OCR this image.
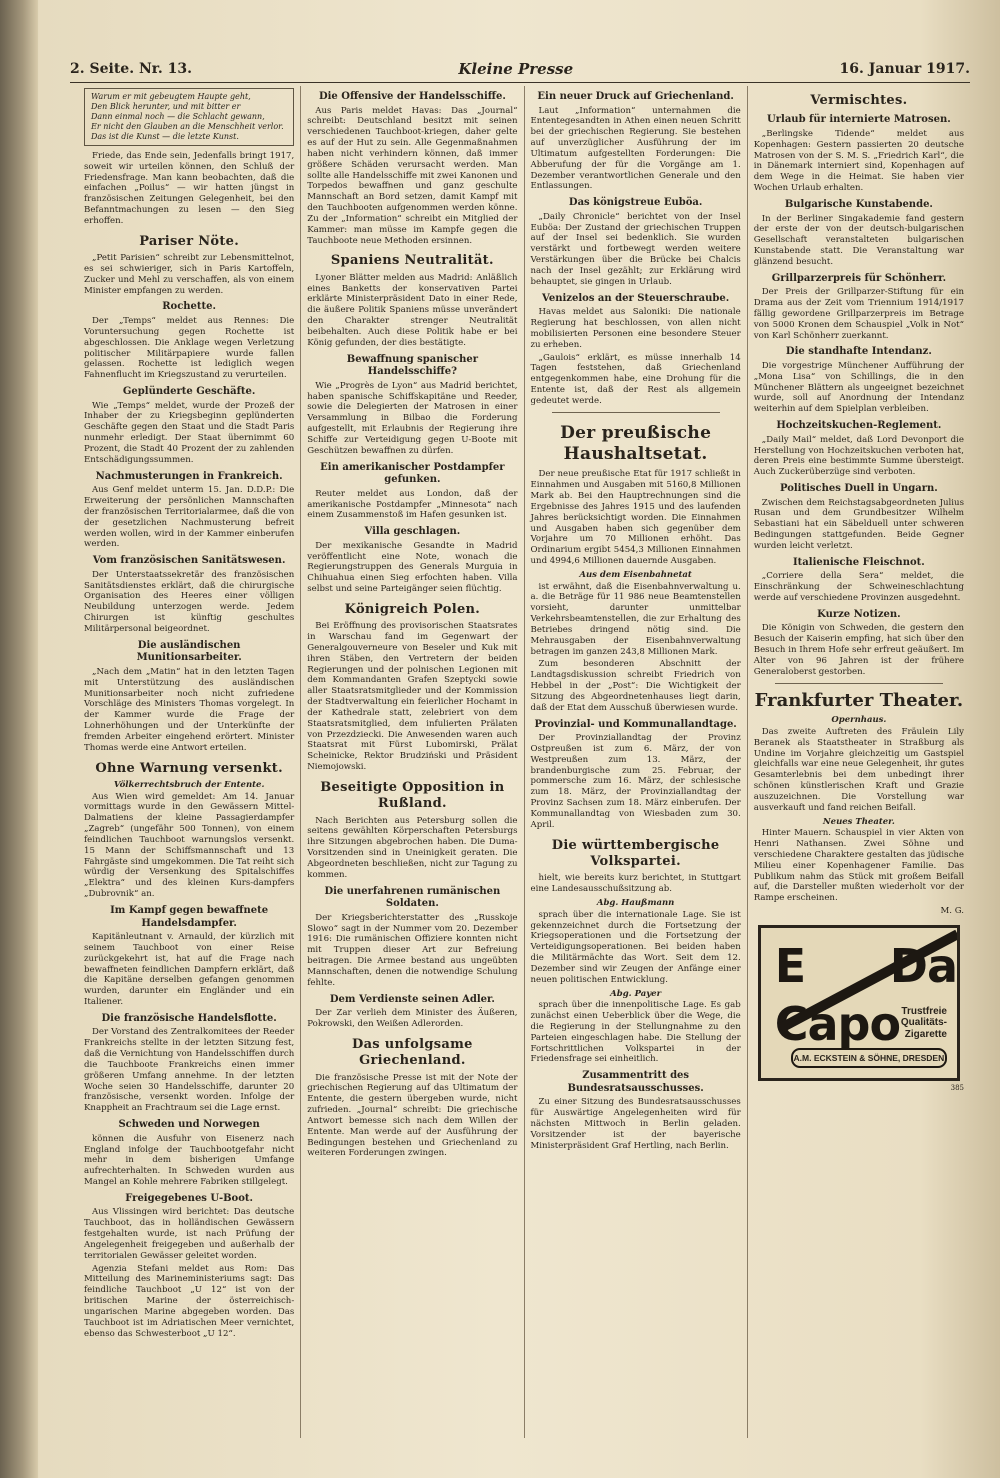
2. Seite. Nr. 13.	Kleine Presse	16. Januar 1917.
Warum er mit gebeugtem Haupte geht,
Den Blick herunter, und mit bitter er
Dann einmal noch — die Schlacht gewann,
Er nicht den Glauben an die Menschheit verlor.
Das ist die Kunst — die letzte Kunst.

Friede, das Ende sein, Jedenfalls bringt 1917, soweit wir urteilen können, den Schluß der Friedensfrage. Man kann beobachten, daß die einfachen „Poilus“ — wir hatten jüngst in französischen Zeitungen Gelegenheit, bei den Befanntmachungen zu lesen — den Sieg erhoffen.

Pariser Nöte.

„Petit Parisien“ schreibt zur Lebensmittelnot, es sei schwieriger, sich in Paris Kartoffeln, Zucker und Mehl zu verschaffen, als von einem Minister empfangen zu werden.

Rochette.

Der „Temps“ meldet aus Rennes: Die Voruntersuchung gegen Rochette ist abgeschlossen. Die Anklage wegen Verletzung politischer Militärpapiere wurde fallen gelassen. Rochette ist lediglich wegen Fahnenflucht im Kriegszustand zu verurteilen.

Geplünderte Geschäfte.

Wie „Temps“ meldet, wurde der Prozeß der Inhaber der zu Kriegsbeginn geplünderten Geschäfte gegen den Staat und die Stadt Paris nunmehr erledigt. Der Staat übernimmt 60 Prozent, die Stadt 40 Prozent der zu zahlenden Entschädigungssummen.

Nachmusterungen in Frankreich.

Aus Genf meldet unterm 15. Jan. D.D.P.: Die Erweiterung der persönlichen Mannschaften der französischen Territorialarmee, daß die von der gesetzlichen Nachmusterung befreit werden wollen, wird in der Kammer einberufen werden.

Vom französischen Sanitätswesen.

Der Unterstaatssekretär des französischen Sanitätsdienstes erklärt, daß die chirurgische Organisation des Heeres einer völligen Neubildung unterzogen werde. Jedem Chirurgen ist künftig geschultes Militärpersonal beigeordnet.

Die ausländischen Munitionsarbeiter.

„Nach dem „Matin“ hat in den letzten Tagen mit Unterstützung des ausländischen Munitionsarbeiter noch nicht zufriedene Vorschläge des Ministers Thomas vorgelegt. In der Kammer wurde die Frage der Lohnerhöhungen und der Unterkünfte der fremden Arbeiter eingehend erörtert. Minister Thomas werde eine Antwort erteilen.

Ohne Warnung versenkt.
Völkerrechtsbruch der Entente.

Aus Wien wird gemeldet: Am 14. Januar vormittags wurde in den Gewässern Mittel-Dalmatiens der kleine Passagierdampfer „Zagreb“ (ungefähr 500 Tonnen), von einem feindlichen Tauchboot warnungslos versenkt. 15 Mann der Schiffsmannschaft und 13 Fahrgäste sind umgekommen. Die Tat reiht sich würdig der Versenkung des Spitalschiffes „Elektra“ und des kleinen Kurs-dampfers „Dubrovnik“ an.

Im Kampf gegen bewaffnete Handelsdampfer.

Kapitänleutnant v. Arnauld, der kürzlich mit seinem Tauchboot von einer Reise zurückgekehrt ist, hat auf die Frage nach bewaffneten feindlichen Dampfern erklärt, daß die Kapitäne derselben gefangen genommen wurden, darunter ein Engländer und ein Italiener.

Die französische Handelsflotte.

Der Vorstand des Zentralkomitees der Reeder Frankreichs stellte in der letzten Sitzung fest, daß die Vernichtung von Handelsschiffen durch die Tauchboote Frankreichs einen immer größeren Umfang annehme. In der letzten Woche seien 30 Handelsschiffe, darunter 20 französische, versenkt worden. Infolge der Knappheit an Frachtraum sei die Lage ernst.

Schweden und Norwegen

können die Ausfuhr von Eisenerz nach England infolge der Tauchbootgefahr nicht mehr in dem bisherigen Umfange aufrechterhalten. In Schweden wurden aus Mangel an Kohle mehrere Fabriken stillgelegt.

Freigegebenes U-Boot.

Aus Vlissingen wird berichtet: Das deutsche Tauchboot, das in holländischen Gewässern festgehalten wurde, ist nach Prüfung der Angelegenheit freigegeben und außerhalb der territorialen Gewässer geleitet worden.

Agenzia Stefani meldet aus Rom: Das Mitteilung des Marineministeriums sagt: Das feindliche Tauchboot „U 12“ ist von der britischen Marine der österreichisch-ungarischen Marine abgegeben worden. Das Tauchboot ist im Adriatischen Meer vernichtet, ebenso das Schwesterboot „U 12“.

Die Offensive der Handelsschiffe.

Aus Paris meldet Havas: Das „Journal“ schreibt: Deutschland besitzt mit seinen verschiedenen Tauchboot-kriegen, daher gelte es auf der Hut zu sein. Alle Gegenmaßnahmen haben nicht verhindern können, daß immer größere Schäden verursacht werden. Man sollte alle Handelsschiffe mit zwei Kanonen und Torpedos bewaffnen und ganz geschulte Mannschaft an Bord setzen, damit Kampf mit den Tauchbooten aufgenommen werden könne. Zu der „Information“ schreibt ein Mitglied der Kammer: man müsse im Kampfe gegen die Tauchboote neue Methoden ersinnen.

Spaniens Neutralität.

Lyoner Blätter melden aus Madrid: Anläßlich eines Banketts der konservativen Partei erklärte Ministerpräsident Dato in einer Rede, die äußere Politik Spaniens müsse unverändert den Charakter strenger Neutralität beibehalten. Auch diese Politik habe er bei König gefunden, der dies bestätigte.

Bewaffnung spanischer Handelsschiffe?

Wie „Progrès de Lyon“ aus Madrid berichtet, haben spanische Schiffskapitäne und Reeder, sowie die Delegierten der Matrosen in einer Versammlung in Bilbao die Forderung aufgestellt, mit Erlaubnis der Regierung ihre Schiffe zur Verteidigung gegen U-Boote mit Geschützen bewaffnen zu dürfen.

Ein amerikanischer Postdampfer gefunken.

Reuter meldet aus London, daß der amerikanische Postdampfer „Minnesota“ nach einem Zusammenstoß im Hafen gesunken ist.

Villa geschlagen.

Der mexikanische Gesandte in Madrid veröffentlicht eine Note, wonach die Regierungstruppen des Generals Murguia in Chihuahua einen Sieg erfochten haben. Villa selbst und seine Parteigänger seien flüchtig.

Königreich Polen.

Bei Eröffnung des provisorischen Staatsrates in Warschau fand im Gegenwart der Generalgouverneure von Beseler und Kuk mit ihren Stäben, den Vertretern der beiden Regierungen und der polnischen Legionen mit dem Kommandanten Grafen Szeptycki sowie aller Staatsratsmitglieder und der Kommission der Stadtverwaltung ein feierlicher Hochamt in der Kathedrale statt, zelebriert von dem Staatsratsmitglied, dem infulierten Prälaten von Przezdziecki. Die Anwesenden waren auch Staatsrat mit Fürst Lubomirski, Prälat Scheinicke, Rektor Brudziński und Präsident Niemojowski.

Beseitigte Opposition in Rußland.

Nach Berichten aus Petersburg sollen die seitens gewählten Körperschaften Petersburgs ihre Sitzungen abgebrochen haben. Die Duma-Vorsitzenden sind in Uneinigkeit geraten. Die Abgeordneten beschließen, nicht zur Tagung zu kommen.

Die unerfahrenen rumänischen Soldaten.

Der Kriegsberichterstatter des „Russkoje Slowo“ sagt in der Nummer vom 20. Dezember 1916: Die rumänischen Offiziere konnten nicht mit Truppen dieser Art zur Befreiung beitragen. Die Armee bestand aus ungeübten Mannschaften, denen die notwendige Schulung fehlte.

Dem Verdienste seinen Adler.

Der Zar verlieh dem Minister des Äußeren, Pokrowski, den Weißen Adlerorden.

Das unfolgsame Griechenland.

Die französische Presse ist mit der Note der griechischen Regierung auf das Ultimatum der Entente, die gestern übergeben wurde, nicht zufrieden. „Journal“ schreibt: Die griechische Antwort bemesse sich nach dem Willen der Entente. Man werde auf der Ausführung der Bedingungen bestehen und Griechenland zu weiteren Forderungen zwingen.

Ein neuer Druck auf Griechenland.

Laut „Information“ unternahmen die Ententegesandten in Athen einen neuen Schritt bei der griechischen Regierung. Sie bestehen auf unverzüglicher Ausführung der im Ultimatum aufgestellten Forderungen: Die Abberufung der für die Vorgänge am 1. Dezember verantwortlichen Generale und den Entlassungen.

Das königstreue Euböa.

„Daily Chronicle“ berichtet von der Insel Euböa: Der Zustand der griechischen Truppen auf der Insel sei bedenklich. Sie wurden verstärkt und fortbewegt werden weitere Verstärkungen über die Brücke bei Chalcis nach der Insel gezählt; zur Erklärung wird behauptet, sie gingen in Urlaub.

Venizelos an der Steuerschraube.

Havas meldet aus Saloniki: Die nationale Regierung hat beschlossen, von allen nicht mobilisierten Personen eine besondere Steuer zu erheben.

„Gaulois“ erklärt, es müsse innerhalb 14 Tagen feststehen, daß Griechenland entgegenkommen habe, eine Drohung für die Entente ist, daß der Rest als allgemein gedeutet werde.

Der preußische Haushaltsetat.

Der neue preußische Etat für 1917 schließt in Einnahmen und Ausgaben mit 5160,8 Millionen Mark ab. Bei den Hauptrechnungen sind die Ergebnisse des Jahres 1915 und des laufenden Jahres berücksichtigt worden. Die Einnahmen und Ausgaben haben sich gegenüber dem Vorjahre um 70 Millionen erhöht. Das Ordinarium ergibt 5454,3 Millionen Einnahmen und 4994,6 Millionen dauernde Ausgaben.

Aus dem Eisenbahnetat

ist erwähnt, daß die Eisenbahnverwaltung u. a. die Beträge für 11 986 neue Beamtenstellen vorsieht, darunter unmittelbar Verkehrsbeamtenstellen, die zur Erhaltung des Betriebes dringend nötig sind. Die Mehrausgaben der Eisenbahnverwaltung betragen im ganzen 243,8 Millionen Mark.

Zum besonderen Abschnitt der Landtagsdiskussion schreibt Friedrich von Hebbel in der „Post“: Die Wichtigkeit der Sitzung des Abgeordnetenhauses liegt darin, daß der Etat dem Ausschuß überwiesen wurde.

Provinzial- und Kommunallandtage.

Der Provinziallandtag der Provinz Ostpreußen ist zum 6. März, der von Westpreußen zum 13. März, der brandenburgische zum 25. Februar, der pommersche zum 16. März, der schlesische zum 18. März, der Provinziallandtag der Provinz Sachsen zum 18. März einberufen. Der Kommunallandtag von Wiesbaden zum 30. April.

Die württembergische Volkspartei.

hielt, wie bereits kurz berichtet, in Stuttgart eine Landesausschußsitzung ab.

Abg. Haußmann

sprach über die internationale Lage. Sie ist gekennzeichnet durch die Fortsetzung der Kriegsoperationen und die Fortsetzung der Verteidigungsoperationen. Bei beiden haben die Militärmächte das Wort. Seit dem 12. Dezember sind wir Zeugen der Anfänge einer neuen politischen Entwicklung.

Abg. Payer

sprach über die innenpolitische Lage. Es gab zunächst einen Ueberblick über die Wege, die die Regierung in der Stellungnahme zu den Parteien eingeschlagen habe. Die Stellung der Fortschrittlichen Volkspartei in der Friedensfrage sei einheitlich.

Zusammentritt des Bundesratsausschusses.

Zu einer Sitzung des Bundesratsausschusses für Auswärtige Angelegenheiten wird für nächsten Mittwoch in Berlin geladen. Vorsitzender ist der bayerische Ministerpräsident Graf Hertling, nach Berlin.

Vermischtes.
Urlaub für internierte Matrosen.

„Berlingske Tidende“ meldet aus Kopenhagen: Gestern passierten 20 deutsche Matrosen von der S. M. S. „Friedrich Karl“, die in Dänemark interniert sind, Kopenhagen auf dem Wege in die Heimat. Sie haben vier Wochen Urlaub erhalten.

Bulgarische Kunstabende.

In der Berliner Singakademie fand gestern der erste der von der deutsch-bulgarischen Gesellschaft veranstalteten bulgarischen Kunstabende statt. Die Veranstaltung war glänzend besucht.

Grillparzerpreis für Schönherr.

Der Preis der Grillparzer-Stiftung für ein Drama aus der Zeit vom Triennium 1914/1917 fällig gewordene Grillparzerpreis im Betrage von 5000 Kronen dem Schauspiel „Volk in Not“ von Karl Schönherr zuerkannt.

Die standhafte Intendanz.

Die vorgestrige Münchener Aufführung der „Mona Lisa“ von Schillings, die in den Münchener Blättern als ungeeignet bezeichnet wurde, soll auf Anordnung der Intendanz weiterhin auf dem Spielplan verbleiben.

Hochzeitskuchen-Reglement.

„Daily Mail“ meldet, daß Lord Devonport die Herstellung von Hochzeitskuchen verboten hat, deren Preis eine bestimmte Summe übersteigt. Auch Zuckerüberzüge sind verboten.

Politisches Duell in Ungarn.

Zwischen dem Reichstagsabgeordneten Julius Rusan und dem Grundbesitzer Wilhelm Sebastiani hat ein Säbelduell unter schweren Bedingungen stattgefunden. Beide Gegner wurden leicht verletzt.

Italienische Fleischnot.

„Corriere della Sera“ meldet, die Einschränkung der Schweineschlachtung werde auf verschiedene Provinzen ausgedehnt.

Kurze Notizen.

Die Königin von Schweden, die gestern den Besuch der Kaiserin empfing, hat sich über den Besuch in Ihrem Hofe sehr erfreut geäußert. Im Alter von 96 Jahren ist der frühere Generaloberst gestorben.

Frankfurter Theater.
Opernhaus.

Das zweite Auftreten des Fräulein Lily Beranek als Staatstheater in Straßburg als Undine im Vorjahre gleichzeitig um Gastspiel gleichfalls war eine neue Gelegenheit, ihr gutes Gesamterlebnis bei dem unbedingt ihrer schönen künstlerischen Kraft und Grazie auszuzeichnen. Die Vorstellung war ausverkauft und fand reichen Beifall.

Neues Theater.

Hinter Mauern. Schauspiel in vier Akten von Henri Nathansen. Zwei Söhne und verschiedene Charaktere gestalten das jüdische Milieu einer Kopenhagener Familie. Das Publikum nahm das Stück mit großem Beifall auf, die Darsteller mußten wiederholt vor der Rampe erscheinen.

M. G.
E Da Capo Trustfreie
Qualitäts-
Zigarette
A.M. ECKSTEIN & SÖHNE, DRESDEN
385
